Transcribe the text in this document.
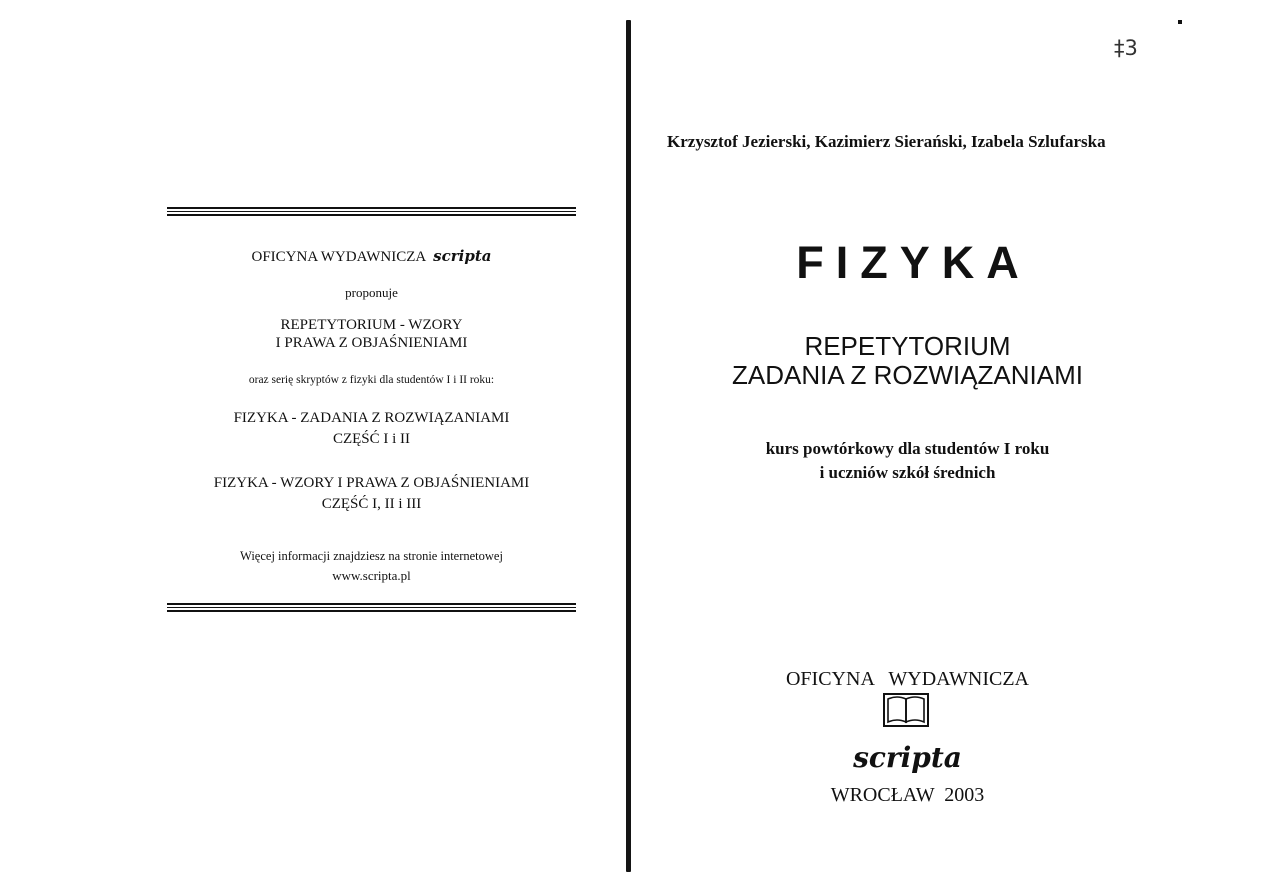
OFICYNA WYDAWNICZA scripta
proponuje
REPETYTORIUM - WZORY
I PRAWA Z OBJAŚNIENIAMI
oraz serię skryptów z fizyki dla studentów I i II roku:
FIZYKA - ZADANIA Z ROZWIĄZANIAMI
CZĘŚĆ I i II
FIZYKA - WZORY I PRAWA Z OBJAŚNIENIAMI
CZĘŚĆ I, II i III
Więcej informacji znajdziesz na stronie internetowej
www.scripta.pl
‡3
Krzysztof Jezierski, Kazimierz Sierański, Izabela Szlufarska
FIZYKA
REPETYTORIUM
ZADANIA Z ROZWIĄZANIAMI
kurs powtórkowy dla studentów I roku
i uczniów szkół średnich
OFICYNA   WYDAWNICZA
scripta
WROCŁAW  2003
